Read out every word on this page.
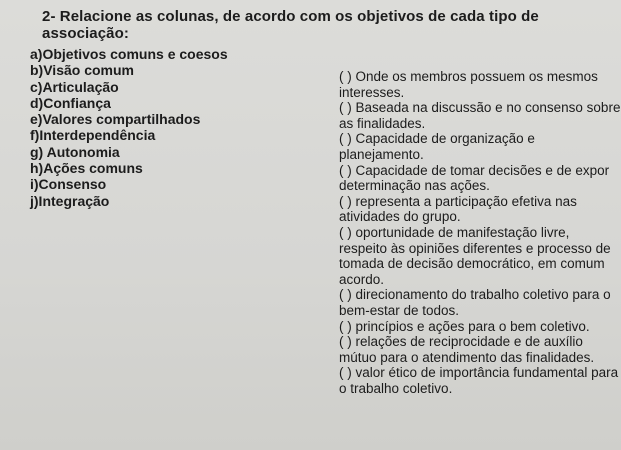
2- Relacione as colunas, de acordo com os objetivos de cada tipo de associação:
a)Objetivos comuns e coesos
b)Visão comum
c)Articulação
d)Confiança
e)Valores compartilhados
f)Interdependência
g) Autonomia
h)Ações comuns
i)Consenso
j)Integração
( ) Onde os membros possuem os mesmos interesses.
( ) Baseada na discussão e no consenso sobre as finalidades.
( ) Capacidade de organização e planejamento.
( ) Capacidade de tomar decisões e de expor determinação nas ações.
( ) representa a participação efetiva nas atividades do grupo.
( ) oportunidade de manifestação livre, respeito às opiniões diferentes e processo de tomada de decisão democrático, em comum acordo.
( ) direcionamento do trabalho coletivo para o bem-estar de todos.
( ) princípios e ações para o bem coletivo.
( ) relações de reciprocidade e de auxílio mútuo para o atendimento das finalidades.
( ) valor ético de importância fundamental para o trabalho coletivo.
